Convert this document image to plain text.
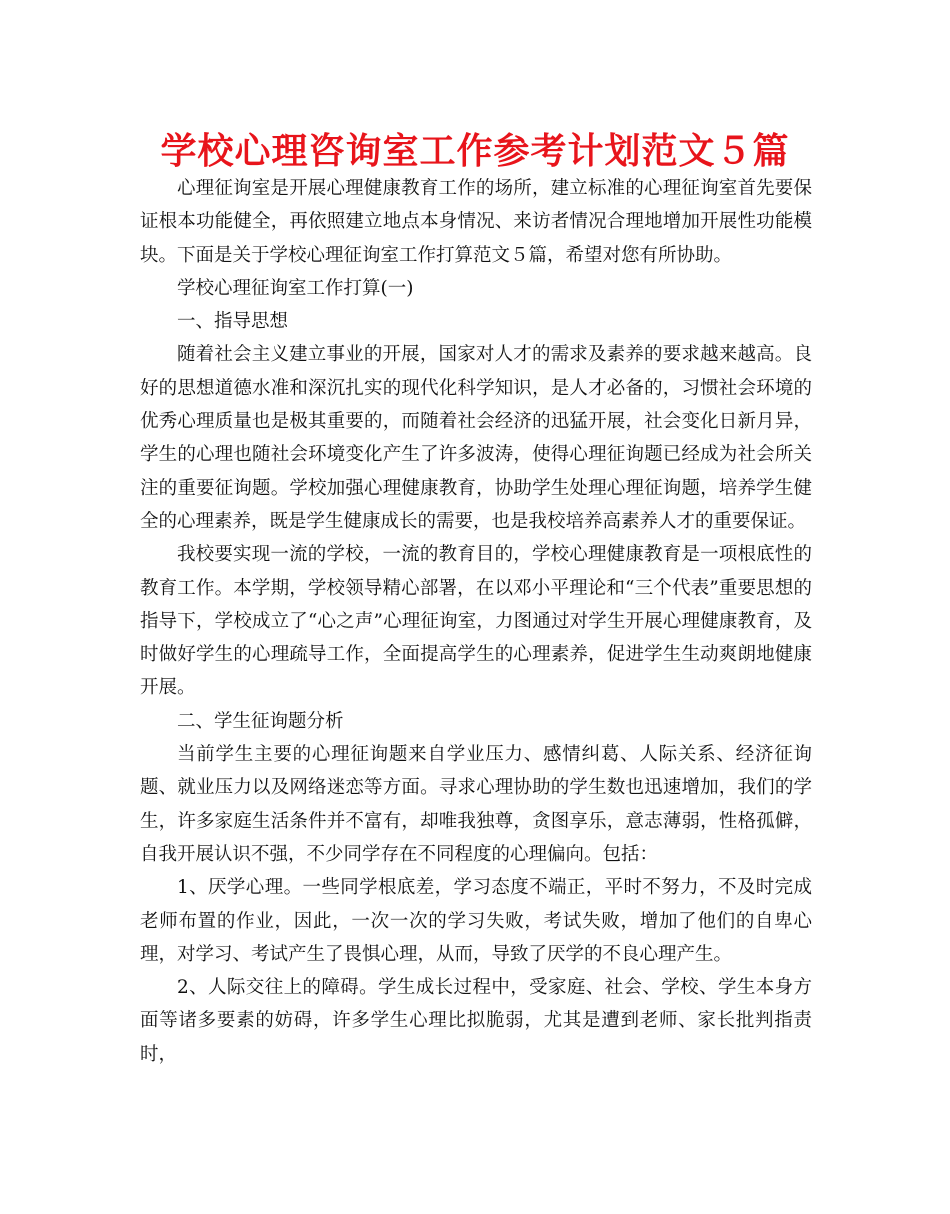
学校心理咨询室工作参考计划范文５篇

心理征询室是开展心理健康教育工作的场所，建立标准的心理征询室首先要保证根本功能健全，再依照建立地点本身情况、来访者情况合理地增加开展性功能模块。下面是关于学校心理征询室工作打算范文５篇，希望对您有所协助。

学校心理征询室工作打算(一)

一、指导思想

随着社会主义建立事业的开展，国家对人才的需求及素养的要求越来越高。良好的思想道德水准和深沉扎实的现代化科学知识，是人才必备的，习惯社会环境的优秀心理质量也是极其重要的，而随着社会经济的迅猛开展，社会变化日新月异，学生的心理也随社会环境变化产生了许多波涛，使得心理征询题已经成为社会所关注的重要征询题。学校加强心理健康教育，协助学生处理心理征询题，培养学生健全的心理素养，既是学生健康成长的需要，也是我校培养高素养人才的重要保证。

我校要实现一流的学校，一流的教育目的，学校心理健康教育是一项根底性的教育工作。本学期，学校领导精心部署，在以邓小平理论和“三个代表”重要思想的指导下，学校成立了“心之声”心理征询室，力图通过对学生开展心理健康教育，及时做好学生的心理疏导工作，全面提高学生的心理素养，促进学生生动爽朗地健康开展。

二、学生征询题分析

当前学生主要的心理征询题来自学业压力、感情纠葛、人际关系、经济征询题、就业压力以及网络迷恋等方面。寻求心理协助的学生数也迅速增加，我们的学生，许多家庭生活条件并不富有，却唯我独尊，贪图享乐，意志薄弱，性格孤僻，自我开展认识不强，不少同学存在不同程度的心理偏向。包括：

1、厌学心理。一些同学根底差，学习态度不端正，平时不努力，不及时完成老师布置的作业，因此，一次一次的学习失败，考试失败，增加了他们的自卑心理，对学习、考试产生了畏惧心理，从而，导致了厌学的不良心理产生。

2、人际交往上的障碍。学生成长过程中，受家庭、社会、学校、学生本身方面等诸多要素的妨碍，许多学生心理比拟脆弱，尤其是遭到老师、家长批判指责时，
